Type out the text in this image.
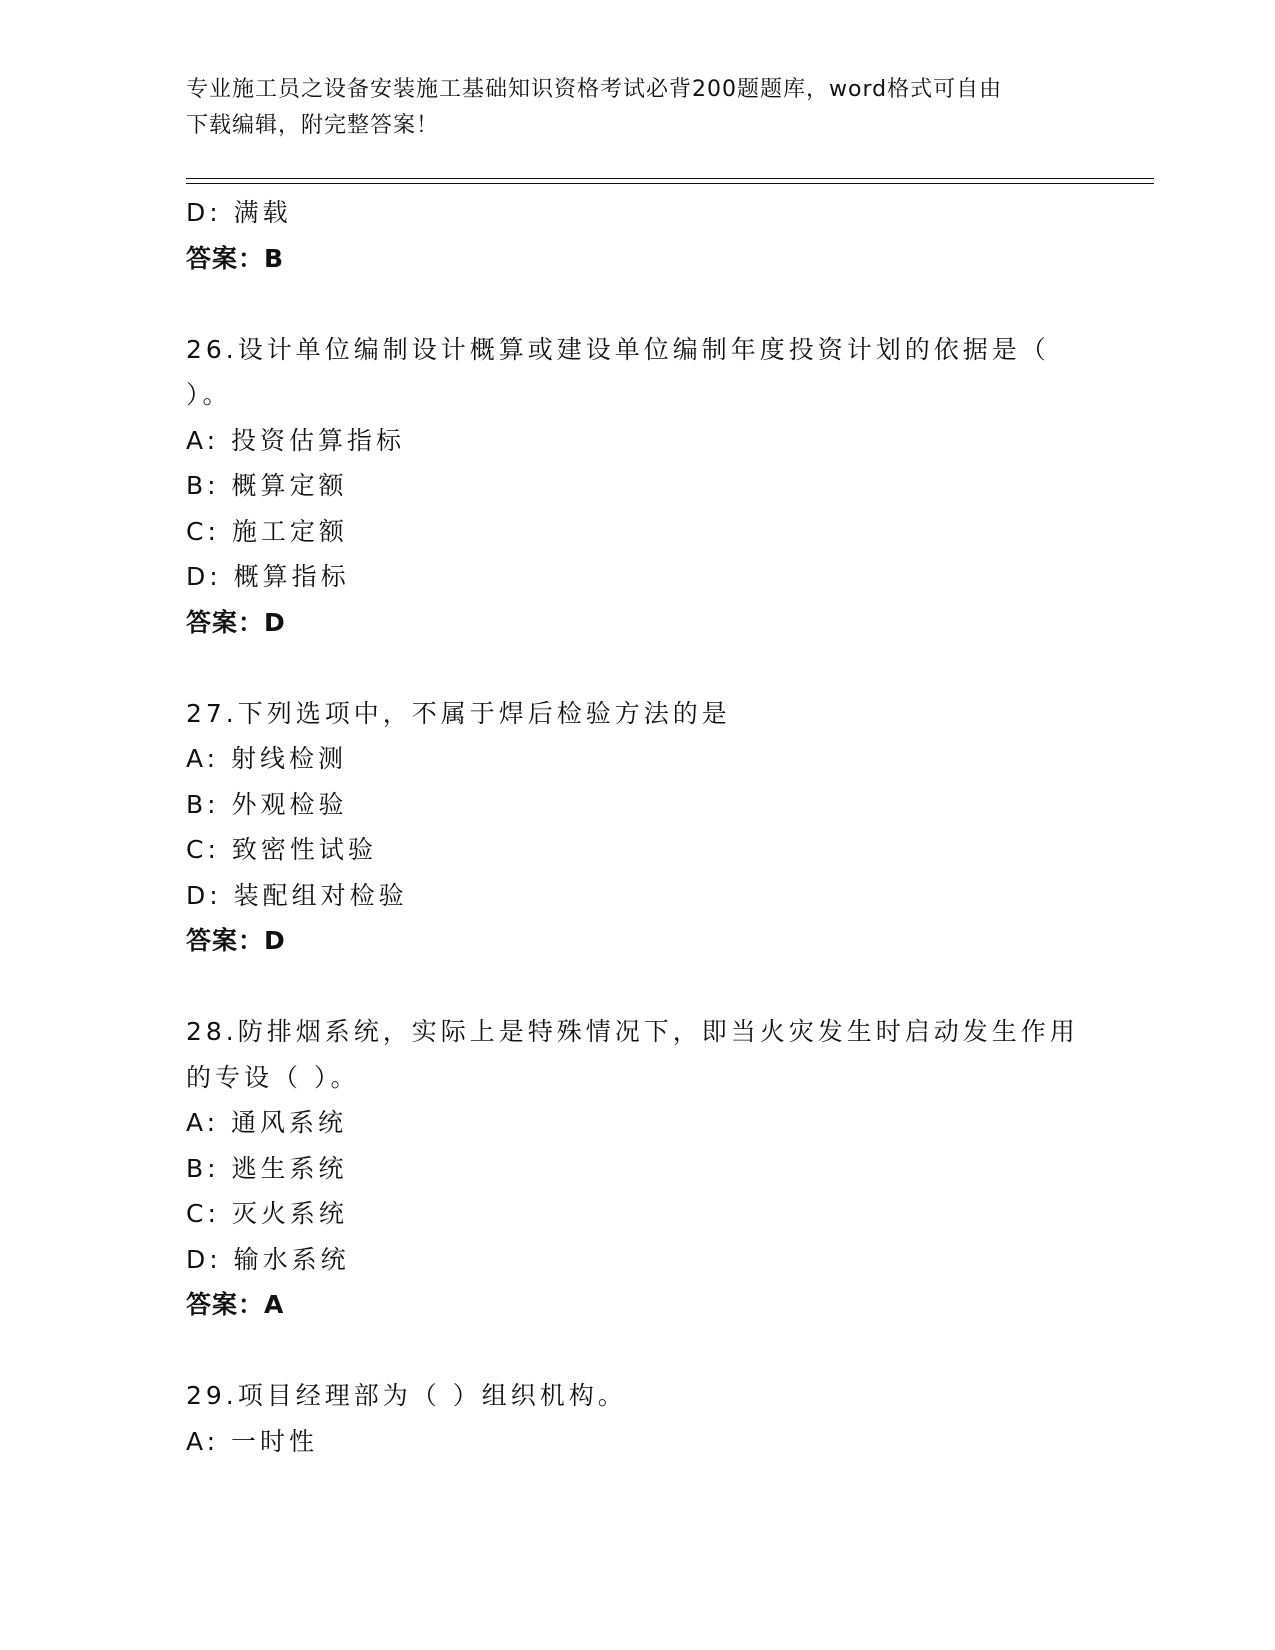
专业施工员之设备安装施工基础知识资格考试必背200题题库，word格式可自由
下载编辑，附完整答案！
D: 满载
答案：B
26.设计单位编制设计概算或建设单位编制年度投资计划的依据是（
）。
A: 投资估算指标
B: 概算定额
C: 施工定额
D: 概算指标
答案：D
27.下列选项中，不属于焊后检验方法的是
A: 射线检测
B: 外观检验
C: 致密性试验
D: 装配组对检验
答案：D
28.防排烟系统，实际上是特殊情况下，即当火灾发生时启动发生作用
的专设（ ）。
A: 通风系统
B: 逃生系统
C: 灭火系统
D: 输水系统
答案：A
29.项目经理部为（ ）组织机构。
A: 一时性
